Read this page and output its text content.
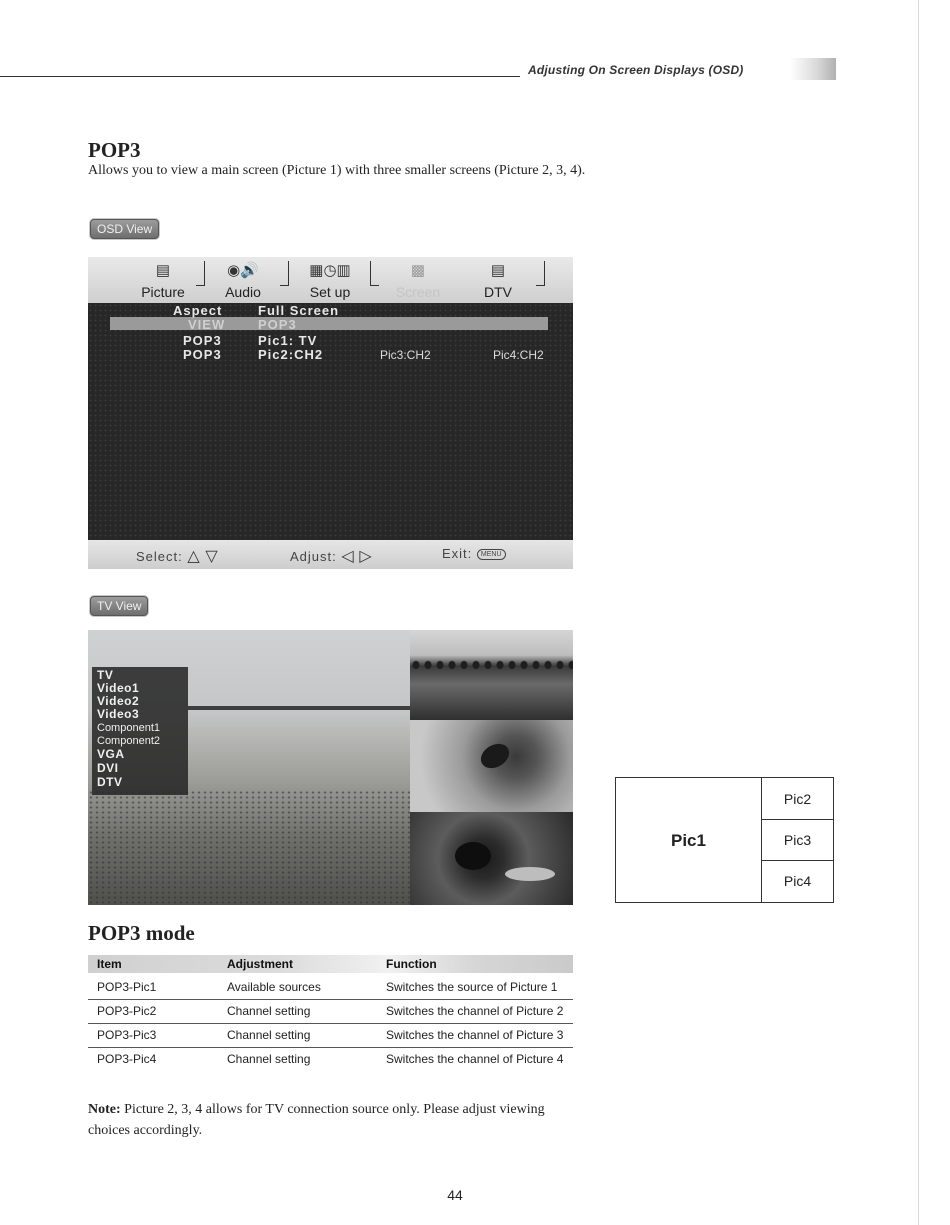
Adjusting On Screen Displays (OSD)
POP3
Allows you to view a main screen (Picture 1) with three smaller screens (Picture 2, 3, 4).
OSD View
▤
Picture
◉🔊
Audio
▦◷▥
Set up
▩
Screen
▤
DTV
Aspect	Full Screen
VIEW	POP3
POP3	Pic1: TV
POP3	Pic2:CH2	Pic3:CH2	Pic4:CH2
Select: △ ▽	Adjust: ◁ ▷	Exit: MENU
TV View
TV
Video1
Video2
Video3
Component1
Component2
VGA
DVI
DTV
Pic1
Pic2
Pic3
Pic4
POP3 mode
Item	Adjustment	Function
POP3-Pic1	Available sources	Switches the source of Picture 1
POP3-Pic2	Channel setting	Switches the channel of Picture 2
POP3-Pic3	Channel setting	Switches the channel of Picture 3
POP3-Pic4	Channel setting	Switches the channel of Picture 4
Note: Picture 2, 3, 4 allows for TV connection source only. Please adjust viewing choices accordingly.
44
